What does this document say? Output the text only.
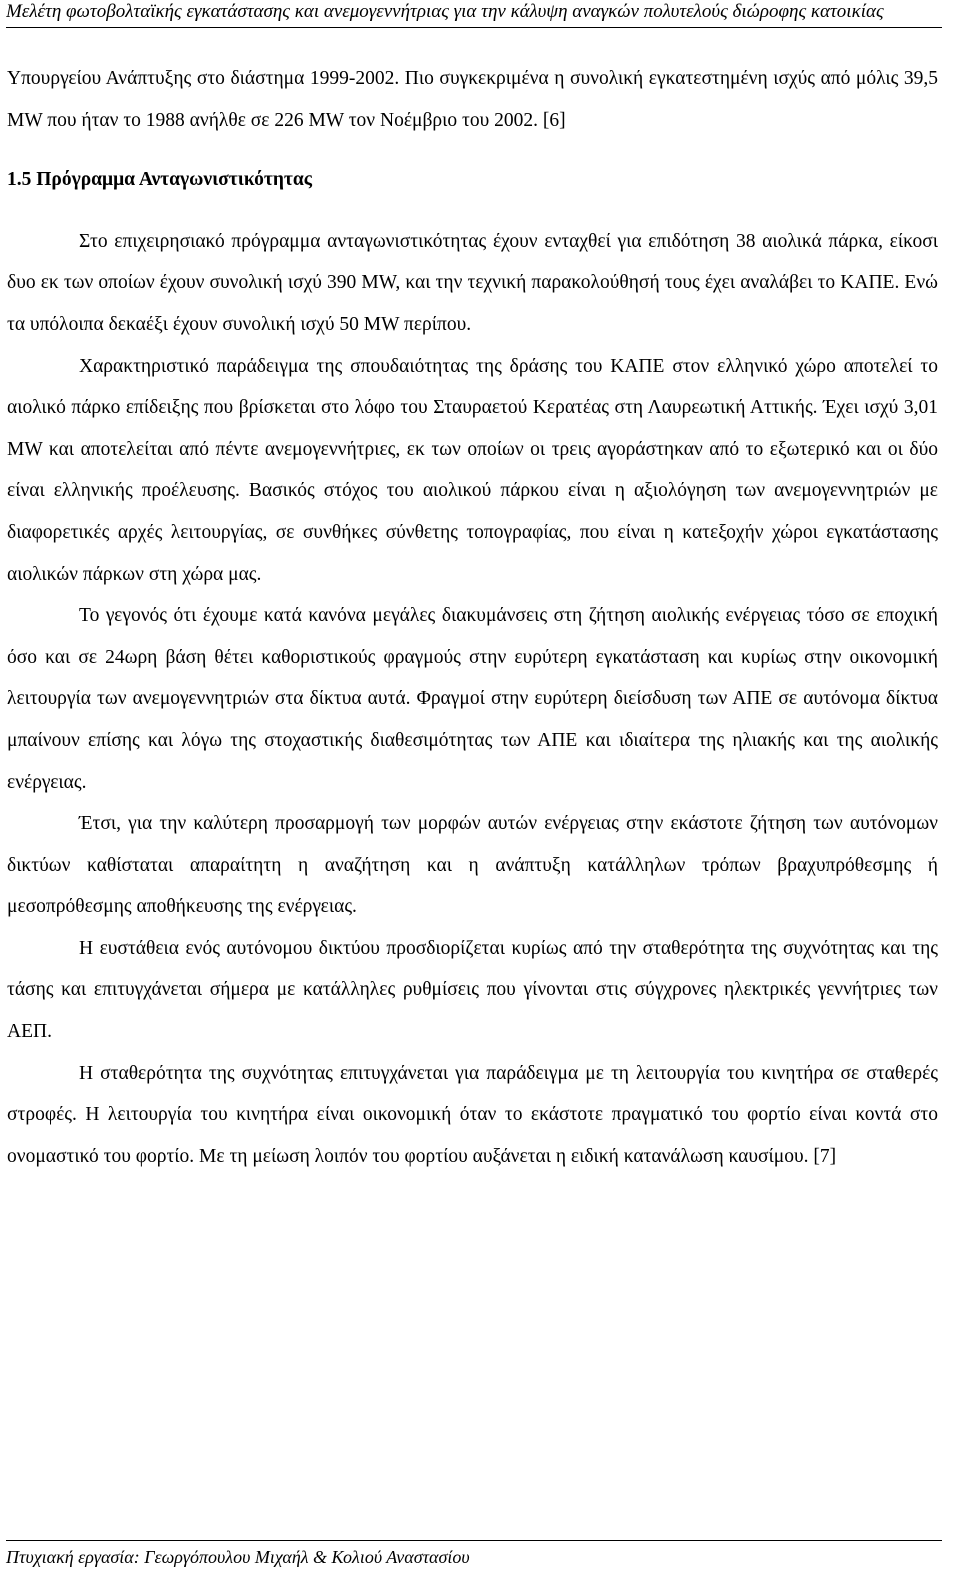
Μελέτη φωτοβολταϊκής εγκατάστασης και ανεμογεννήτριας για την κάλυψη αναγκών πολυτελούς διώροφης κατοικίας

Υπουργείου Ανάπτυξης στο διάστημα 1999-2002. Πιο συγκεκριμένα η συνολική εγκατεστημένη ισχύς από μόλις 39,5 MW που ήταν το 1988 ανήλθε σε 226 MW τον Νοέμβριο του 2002. [6]

1.5 Πρόγραμμα Ανταγωνιστικότητας

Στο επιχειρησιακό πρόγραμμα ανταγωνιστικότητας έχουν ενταχθεί για επιδότηση 38 αιολικά πάρκα, είκοσι δυο εκ των οποίων έχουν συνολική ισχύ 390 MW, και την τεχνική παρακολούθησή τους έχει αναλάβει το ΚΑΠΕ. Ενώ τα υπόλοιπα δεκαέξι έχουν συνολική ισχύ 50 MW περίπου.

Χαρακτηριστικό παράδειγμα της σπουδαιότητας της δράσης του ΚΑΠΕ στον ελληνικό χώρο αποτελεί το αιολικό πάρκο επίδειξης που βρίσκεται στο λόφο του Σταυραετού Κερατέας στη Λαυρεωτική Αττικής. Έχει ισχύ 3,01 MW και αποτελείται από πέντε ανεμογεννήτριες, εκ των οποίων οι τρεις αγοράστηκαν από το εξωτερικό και οι δύο είναι ελληνικής προέλευσης. Βασικός στόχος του αιολικού πάρκου είναι η αξιολόγηση των ανεμογεννητριών με διαφορετικές αρχές λειτουργίας, σε συνθήκες σύνθετης τοπογραφίας, που είναι η κατεξοχήν χώροι εγκατάστασης αιολικών πάρκων στη χώρα μας.

Το γεγονός ότι έχουμε κατά κανόνα μεγάλες διακυμάνσεις στη ζήτηση αιολικής ενέργειας τόσο σε εποχική όσο και σε 24ωρη βάση θέτει καθοριστικούς φραγμούς στην ευρύτερη εγκατάσταση και κυρίως στην οικονομική λειτουργία των ανεμογεννητριών στα δίκτυα αυτά. Φραγμοί στην ευρύτερη διείσδυση των ΑΠΕ σε αυτόνομα δίκτυα μπαίνουν επίσης και λόγω της στοχαστικής διαθεσιμότητας των ΑΠΕ και ιδιαίτερα της ηλιακής και της αιολικής ενέργειας.

Έτσι, για την καλύτερη προσαρμογή των μορφών αυτών ενέργειας στην εκάστοτε ζήτηση των αυτόνομων δικτύων καθίσταται απαραίτητη η αναζήτηση και η ανάπτυξη κατάλληλων τρόπων βραχυπρόθεσμης ή μεσοπρόθεσμης αποθήκευσης της ενέργειας.

Η ευστάθεια ενός αυτόνομου δικτύου προσδιορίζεται κυρίως από την σταθερότητα της συχνότητας και της τάσης και επιτυγχάνεται σήμερα με κατάλληλες ρυθμίσεις που γίνονται στις σύγχρονες ηλεκτρικές γεννήτριες των ΑΕΠ.

Η σταθερότητα της συχνότητας επιτυγχάνεται για παράδειγμα με τη λειτουργία του κινητήρα σε σταθερές στροφές. Η λειτουργία του κινητήρα είναι οικονομική όταν το εκάστοτε πραγματικό του φορτίο είναι κοντά στο ονομαστικό του φορτίο. Με τη μείωση λοιπόν του φορτίου αυξάνεται η ειδική κατανάλωση καυσίμου. [7]

Πτυχιακή εργασία: Γεωργόπουλου Μιχαήλ & Κολιού Αναστασίου
